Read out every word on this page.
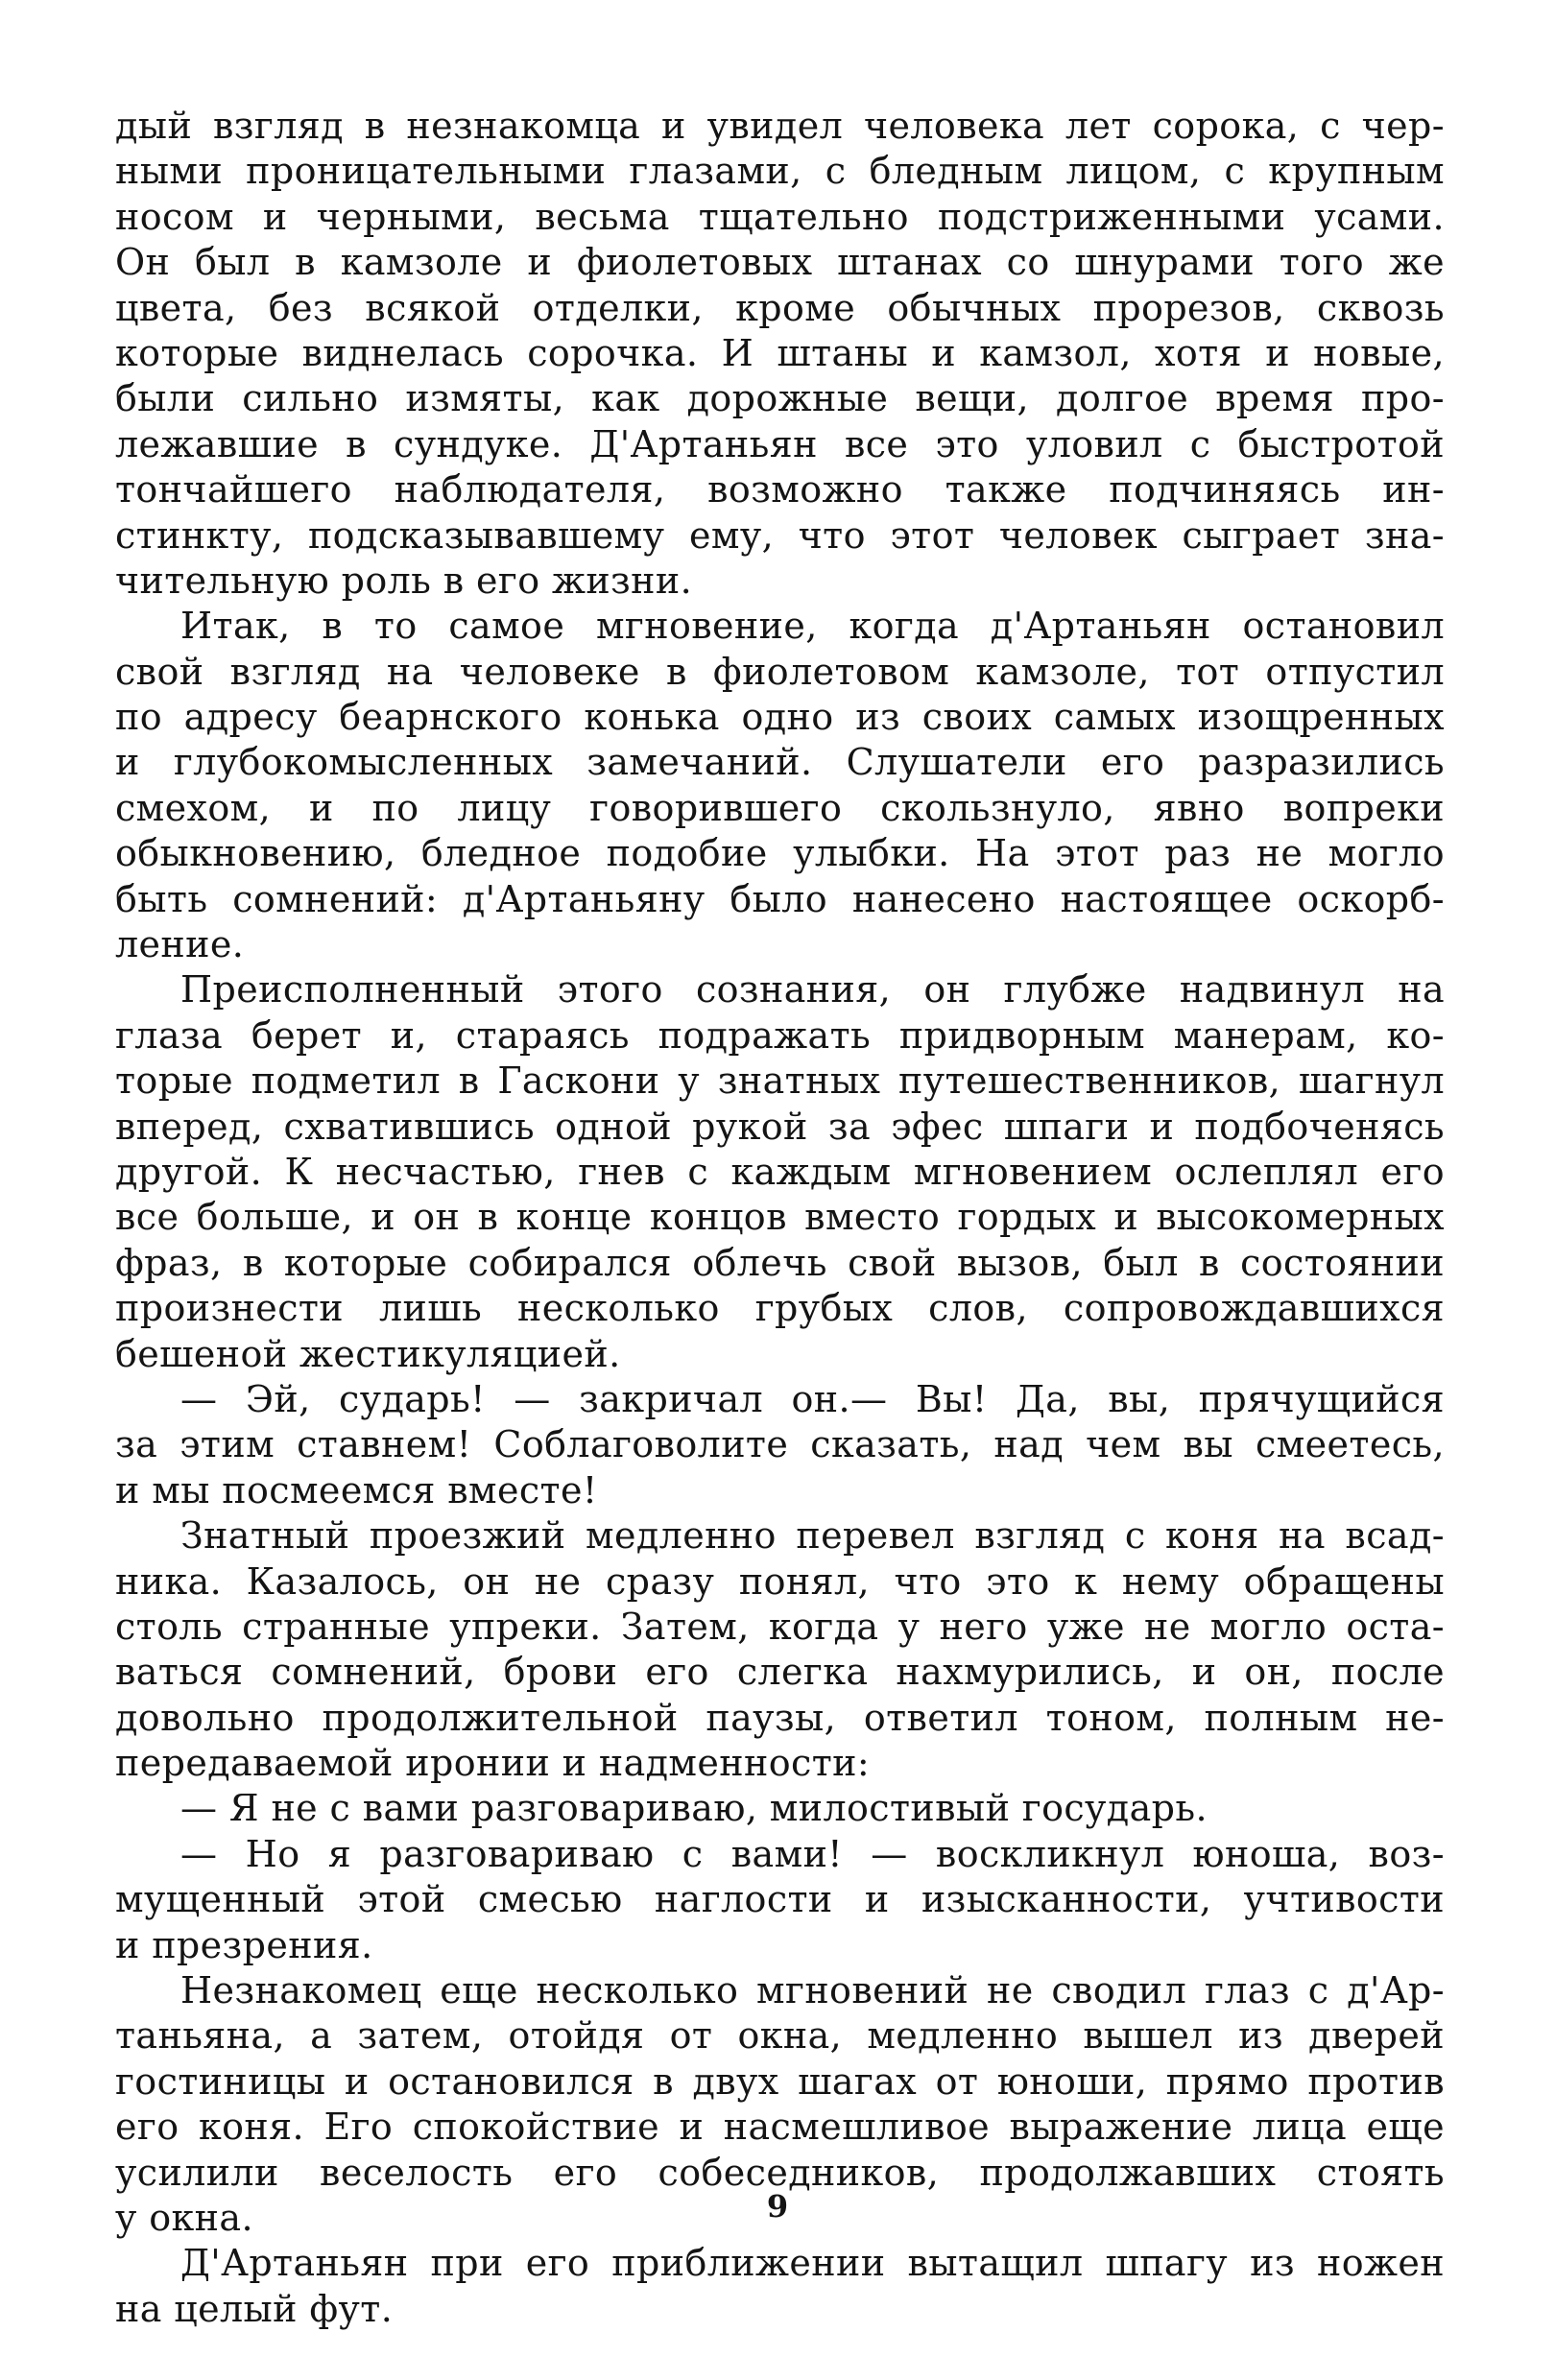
дый взгляд в незнакомца и увидел человека лет сорока, с чер-
ными проницательными глазами, с бледным лицом, с крупным
носом и черными, весьма тщательно подстриженными усами.
Он был в камзоле и фиолетовых штанах со шнурами того же
цвета, без всякой отделки, кроме обычных прорезов, сквозь
которые виднелась сорочка. И штаны и камзол, хотя и новые,
были сильно измяты, как дорожные вещи, долгое время про-
лежавшие в сундуке. Д'Артаньян все это уловил с быстротой
тончайшего наблюдателя, возможно также подчиняясь ин-
стинкту, подсказывавшему ему, что этот человек сыграет зна-
чительную роль в его жизни.
Итак, в то самое мгновение, когда д'Артаньян остановил
свой взгляд на человеке в фиолетовом камзоле, тот отпустил
по адресу беарнского конька одно из своих самых изощренных
и глубокомысленных замечаний. Слушатели его разразились
смехом, и по лицу говорившего скользнуло, явно вопреки
обыкновению, бледное подобие улыбки. На этот раз не могло
быть сомнений: д'Артаньяну было нанесено настоящее оскорб-
ление.
Преисполненный этого сознания, он глубже надвинул на
глаза берет и, стараясь подражать придворным манерам, ко-
торые подметил в Гаскони у знатных путешественников, шагнул
вперед, схватившись одной рукой за эфес шпаги и подбоченясь
другой. К несчастью, гнев с каждым мгновением ослеплял его
все больше, и он в конце концов вместо гордых и высокомерных
фраз, в которые собирался облечь свой вызов, был в состоянии
произнести лишь несколько грубых слов, сопровождавшихся
бешеной жестикуляцией.
— Эй, сударь! — закричал он.— Вы! Да, вы, прячущийся
за этим ставнем! Соблаговолите сказать, над чем вы смеетесь,
и мы посмеемся вместе!
Знатный проезжий медленно перевел взгляд с коня на всад-
ника. Казалось, он не сразу понял, что это к нему обращены
столь странные упреки. Затем, когда у него уже не могло оста-
ваться сомнений, брови его слегка нахмурились, и он, после
довольно продолжительной паузы, ответил тоном, полным не-
передаваемой иронии и надменности:
— Я не с вами разговариваю, милостивый государь.
— Но я разговариваю с вами! — воскликнул юноша, воз-
мущенный этой смесью наглости и изысканности, учтивости
и презрения.
Незнакомец еще несколько мгновений не сводил глаз с д'Ар-
таньяна, а затем, отойдя от окна, медленно вышел из дверей
гостиницы и остановился в двух шагах от юноши, прямо против
его коня. Его спокойствие и насмешливое выражение лица еще
усилили веселость его собеседников, продолжавших стоять
у окна.
Д'Артаньян при его приближении вытащил шпагу из ножен
на целый фут.
9
